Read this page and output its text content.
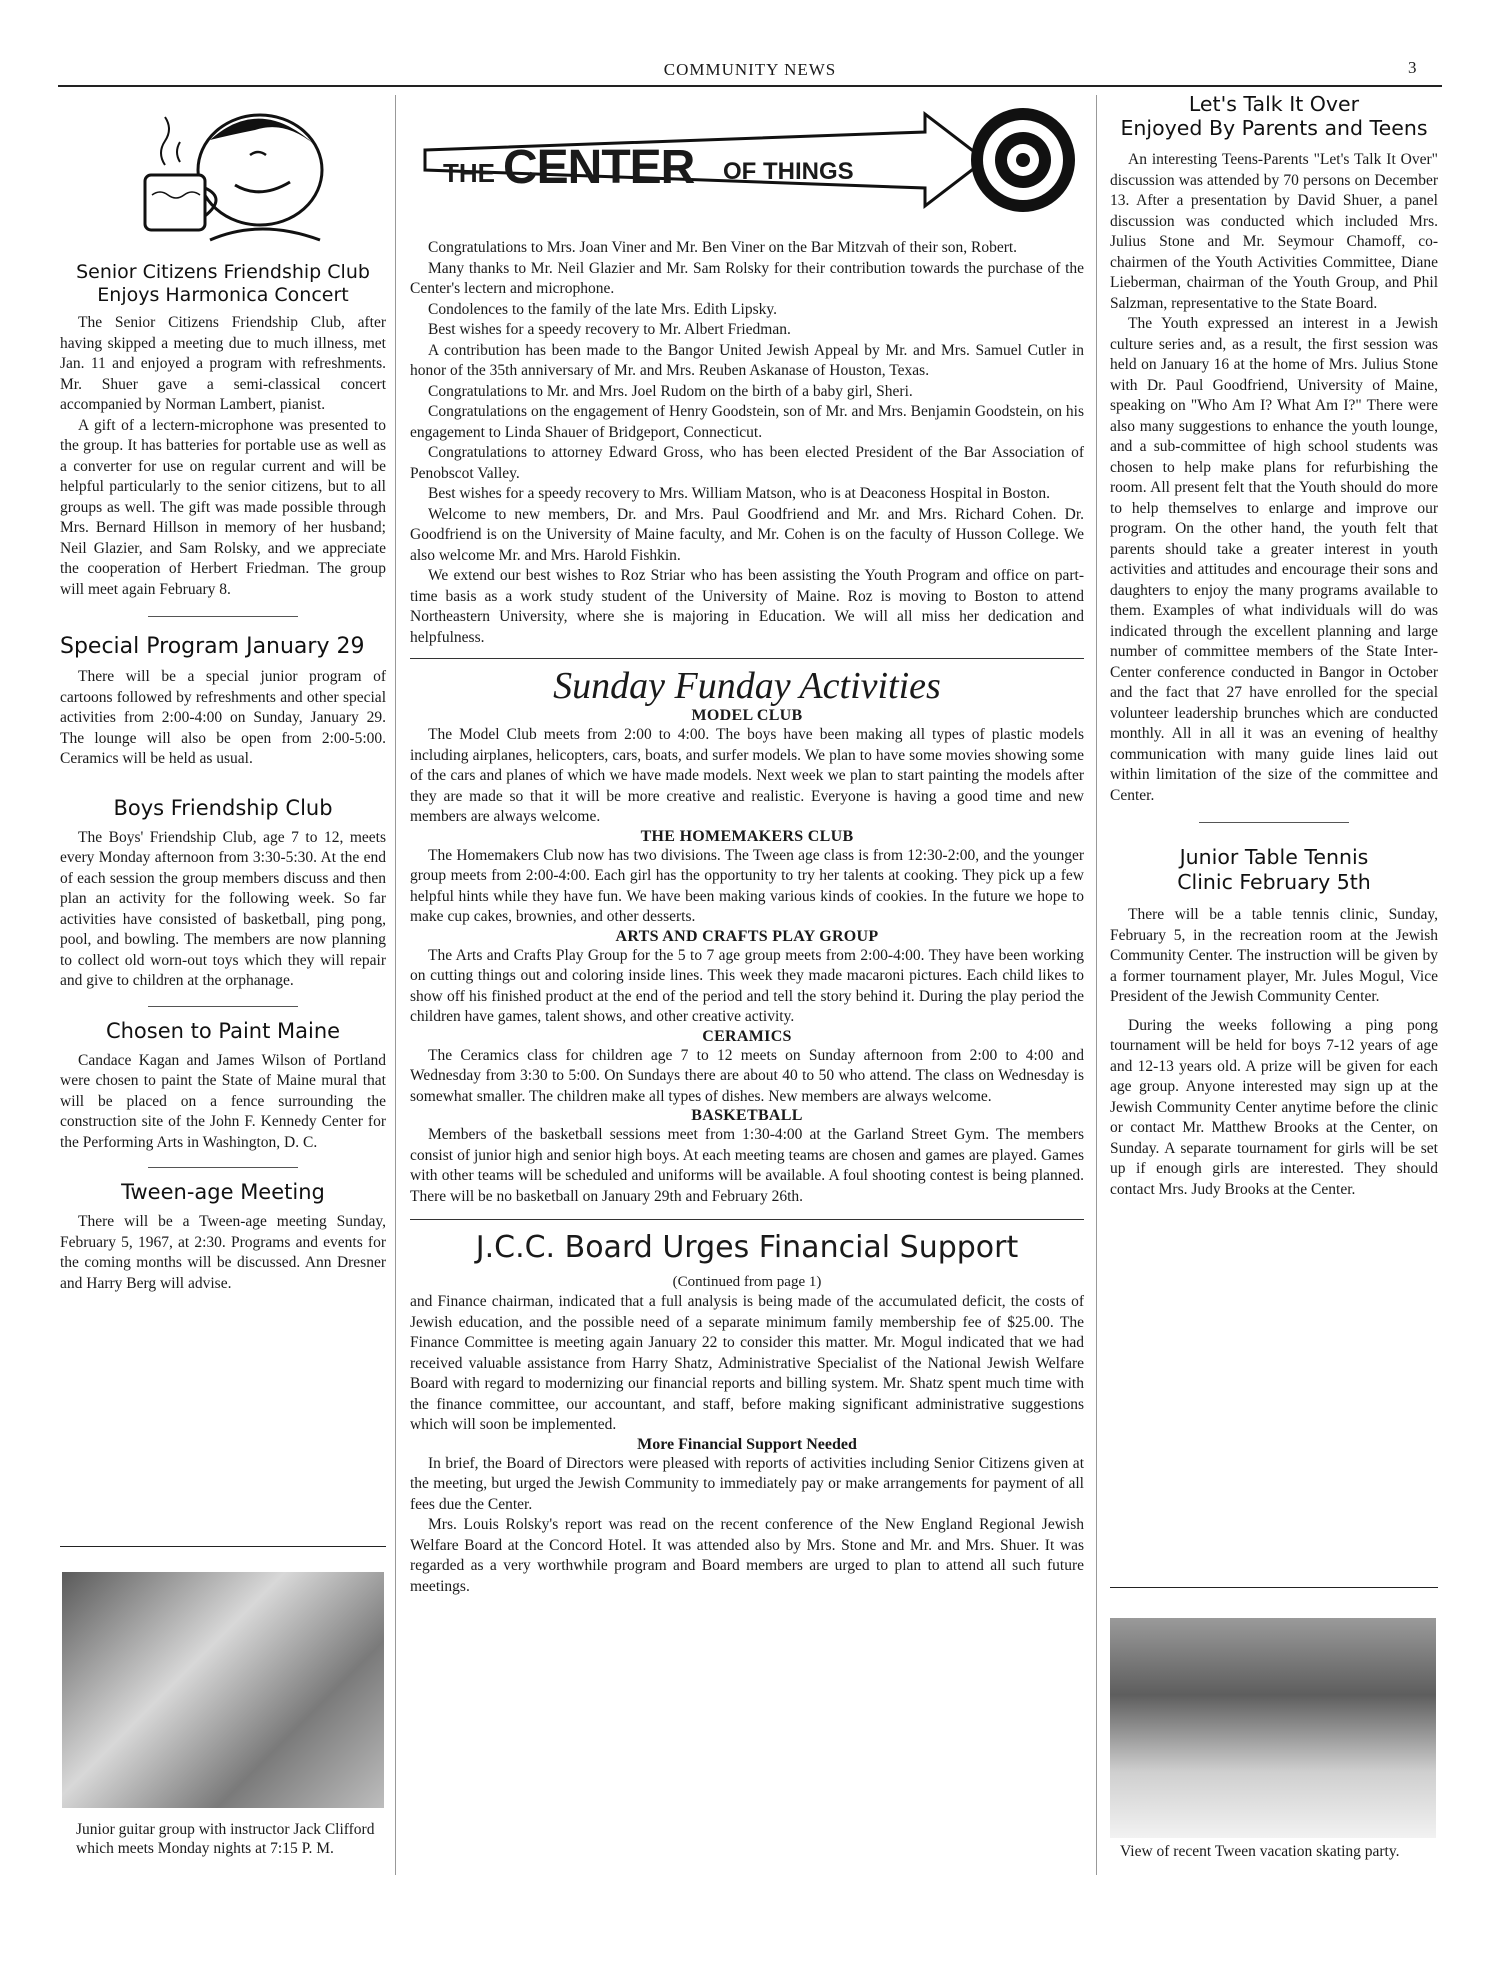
COMMUNITY NEWS	3
Senior Citizens Friendship Club
Enjoys Harmonica Concert

The Senior Citizens Friendship Club, after having skipped a meeting due to much illness, met Jan. 11 and enjoyed a program with refreshments. Mr. Shuer gave a semi-classical concert accompanied by Norman Lambert, pianist.

A gift of a lectern-microphone was presented to the group. It has batteries for portable use as well as a converter for use on regular current and will be helpful particularly to the senior citizens, but to all groups as well. The gift was made possible through Mrs. Bernard Hillson in memory of her husband; Neil Glazier, and Sam Rolsky, and we appreciate the cooperation of Herbert Friedman. The group will meet again February 8.

Special Program January 29

There will be a special junior program of cartoons followed by refreshments and other special activities from 2:00-4:00 on Sunday, January 29. The lounge will also be open from 2:00-5:00. Ceramics will be held as usual.

Boys Friendship Club

The Boys' Friendship Club, age 7 to 12, meets every Monday afternoon from 3:30-5:30. At the end of each session the group members discuss and then plan an activity for the following week. So far activities have consisted of basketball, ping pong, pool, and bowling. The members are now planning to collect old worn-out toys which they will repair and give to children at the orphanage.

Chosen to Paint Maine

Candace Kagan and James Wilson of Portland were chosen to paint the State of Maine mural that will be placed on a fence surrounding the construction site of the John F. Kennedy Center for the Performing Arts in Washington, D. C.

Tween-age Meeting

There will be a Tween-age meeting Sunday, February 5, 1967, at 2:30. Programs and events for the coming months will be discussed. Ann Dresner and Harry Berg will advise.

Junior guitar group with instructor Jack Clifford which meets Monday nights at 7:15 P. M.
THE CENTER OF THINGS

Congratulations to Mrs. Joan Viner and Mr. Ben Viner on the Bar Mitzvah of their son, Robert.

Many thanks to Mr. Neil Glazier and Mr. Sam Rolsky for their contribution towards the purchase of the Center's lectern and microphone.

Condolences to the family of the late Mrs. Edith Lipsky.

Best wishes for a speedy recovery to Mr. Albert Friedman.

A contribution has been made to the Bangor United Jewish Appeal by Mr. and Mrs. Samuel Cutler in honor of the 35th anniversary of Mr. and Mrs. Reuben Askanase of Houston, Texas.

Congratulations to Mr. and Mrs. Joel Rudom on the birth of a baby girl, Sheri.

Congratulations on the engagement of Henry Goodstein, son of Mr. and Mrs. Benjamin Goodstein, on his engagement to Linda Shauer of Bridgeport, Connecticut.

Congratulations to attorney Edward Gross, who has been elected President of the Bar Association of Penobscot Valley.

Best wishes for a speedy recovery to Mrs. William Matson, who is at Deaconess Hospital in Boston.

Welcome to new members, Dr. and Mrs. Paul Goodfriend and Mr. and Mrs. Richard Cohen. Dr. Goodfriend is on the University of Maine faculty, and Mr. Cohen is on the faculty of Husson College. We also welcome Mr. and Mrs. Harold Fishkin.

We extend our best wishes to Roz Striar who has been assisting the Youth Program and office on part-time basis as a work study student of the University of Maine. Roz is moving to Boston to attend Northeastern University, where she is majoring in Education. We will all miss her dedication and helpfulness.

Sunday Funday Activities
MODEL CLUB

The Model Club meets from 2:00 to 4:00. The boys have been making all types of plastic models including airplanes, helicopters, cars, boats, and surfer models. We plan to have some movies showing some of the cars and planes of which we have made models. Next week we plan to start painting the models after they are made so that it will be more creative and realistic. Everyone is having a good time and new members are always welcome.

THE HOMEMAKERS CLUB

The Homemakers Club now has two divisions. The Tween age class is from 12:30-2:00, and the younger group meets from 2:00-4:00. Each girl has the opportunity to try her talents at cooking. They pick up a few helpful hints while they have fun. We have been making various kinds of cookies. In the future we hope to make cup cakes, brownies, and other desserts.

ARTS AND CRAFTS PLAY GROUP

The Arts and Crafts Play Group for the 5 to 7 age group meets from 2:00-4:00. They have been working on cutting things out and coloring inside lines. This week they made macaroni pictures. Each child likes to show off his finished product at the end of the period and tell the story behind it. During the play period the children have games, talent shows, and other creative activity.

CERAMICS

The Ceramics class for children age 7 to 12 meets on Sunday afternoon from 2:00 to 4:00 and Wednesday from 3:30 to 5:00. On Sundays there are about 40 to 50 who attend. The class on Wednesday is somewhat smaller. The children make all types of dishes. New members are always welcome.

BASKETBALL

Members of the basketball sessions meet from 1:30-4:00 at the Garland Street Gym. The members consist of junior high and senior high boys. At each meeting teams are chosen and games are played. Games with other teams will be scheduled and uniforms will be available. A foul shooting contest is being planned. There will be no basketball on January 29th and February 26th.

J.C.C. Board Urges Financial Support
(Continued from page 1)

and Finance chairman, indicated that a full analysis is being made of the accumulated deficit, the costs of Jewish education, and the possible need of a separate minimum family membership fee of $25.00. The Finance Committee is meeting again January 22 to consider this matter. Mr. Mogul indicated that we had received valuable assistance from Harry Shatz, Administrative Specialist of the National Jewish Welfare Board with regard to modernizing our financial reports and billing system. Mr. Shatz spent much time with the finance committee, our accountant, and staff, before making significant administrative suggestions which will soon be implemented.

More Financial Support Needed

In brief, the Board of Directors were pleased with reports of activities including Senior Citizens given at the meeting, but urged the Jewish Community to immediately pay or make arrangements for payment of all fees due the Center.

Mrs. Louis Rolsky's report was read on the recent conference of the New England Regional Jewish Welfare Board at the Concord Hotel. It was attended also by Mrs. Stone and Mr. and Mrs. Shuer. It was regarded as a very worthwhile program and Board members are urged to plan to attend all such future meetings.

Let's Talk It Over
Enjoyed By Parents and Teens

An interesting Teens-Parents "Let's Talk It Over" discussion was attended by 70 persons on December 13. After a presentation by David Shuer, a panel discussion was conducted which included Mrs. Julius Stone and Mr. Seymour Chamoff, co-chairmen of the Youth Activities Committee, Diane Lieberman, chairman of the Youth Group, and Phil Salzman, representative to the State Board.

The Youth expressed an interest in a Jewish culture series and, as a result, the first session was held on January 16 at the home of Mrs. Julius Stone with Dr. Paul Goodfriend, University of Maine, speaking on "Who Am I? What Am I?" There were also many suggestions to enhance the youth lounge, and a sub-committee of high school students was chosen to help make plans for refurbishing the room. All present felt that the Youth should do more to help themselves to enlarge and improve our program. On the other hand, the youth felt that parents should take a greater interest in youth activities and attitudes and encourage their sons and daughters to enjoy the many programs available to them. Examples of what individuals will do was indicated through the excellent planning and large number of committee members of the State Inter-Center conference conducted in Bangor in October and the fact that 27 have enrolled for the special volunteer leadership brunches which are conducted monthly. All in all it was an evening of healthy communication with many guide lines laid out within limitation of the size of the committee and Center.

Junior Table Tennis
Clinic February 5th

There will be a table tennis clinic, Sunday, February 5, in the recreation room at the Jewish Community Center. The instruction will be given by a former tournament player, Mr. Jules Mogul, Vice President of the Jewish Community Center.

During the weeks following a ping pong tournament will be held for boys 7-12 years of age and 12-13 years old. A prize will be given for each age group. Anyone interested may sign up at the Jewish Community Center anytime before the clinic or contact Mr. Matthew Brooks at the Center, on Sunday. A separate tournament for girls will be set up if enough girls are interested. They should contact Mrs. Judy Brooks at the Center.

View of recent Tween vacation skating party.
